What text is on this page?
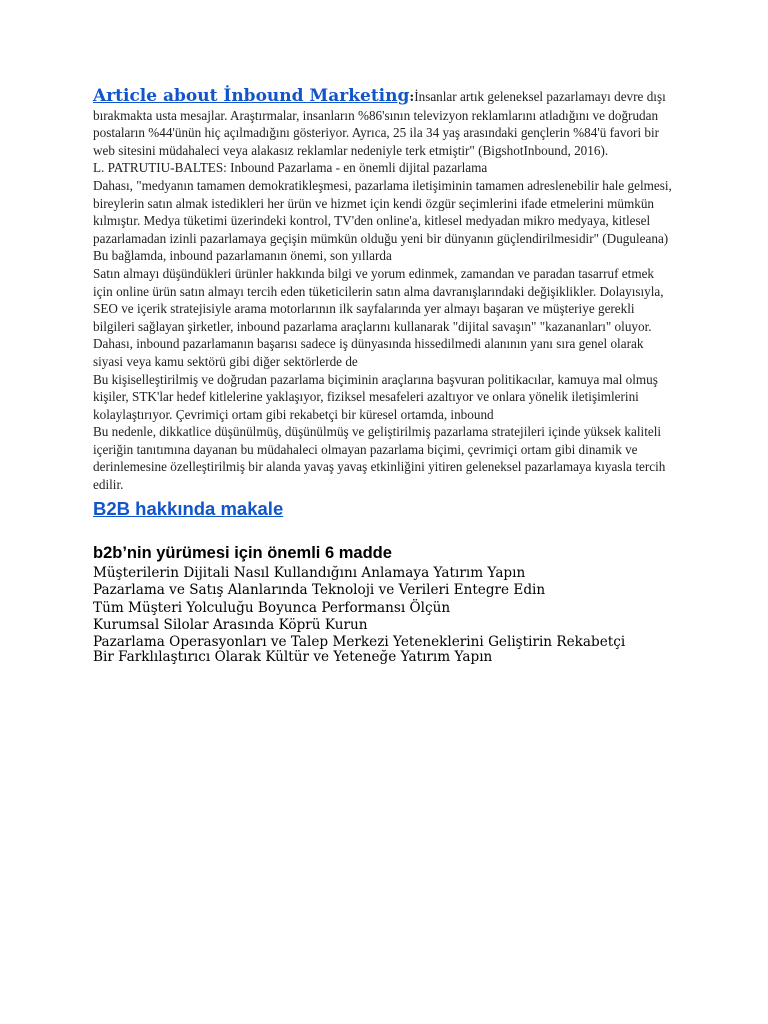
Article about İnbound Marketing:İnsanlar artık geleneksel pazarlamayı devre dışı bırakmakta usta mesajlar. Araştırmalar, insanların %86'sının televizyon reklamlarını atladığını ve doğrudan postaların %44'ünün hiç açılmadığını gösteriyor. Ayrıca, 25 ila 34 yaş arasındaki gençlerin %84'ü favori bir web sitesini müdahaleci veya alakasız reklamlar nedeniyle terk etmiştir" (BigshotInbound, 2016).

L. PATRUTIU-BALTES: Inbound Pazarlama - en önemli dijital pazarlama

Dahası, "medyanın tamamen demokratikleşmesi, pazarlama iletişiminin tamamen adreslenebilir hale gelmesi, bireylerin satın almak istedikleri her ürün ve hizmet için kendi özgür seçimlerini ifade etmelerini mümkün kılmıştır. Medya tüketimi üzerindeki kontrol, TV'den online'a, kitlesel medyadan mikro medyaya, kitlesel pazarlamadan izinli pazarlamaya geçişin mümkün olduğu yeni bir dünyanın güçlendirilmesidir" (Duguleana) Bu bağlamda, inbound pazarlamanın önemi, son yıllarda

Satın almayı düşündükleri ürünler hakkında bilgi ve yorum edinmek, zamandan ve paradan tasarruf etmek için online ürün satın almayı tercih eden tüketicilerin satın alma davranışlarındaki değişiklikler. Dolayısıyla, SEO ve içerik stratejisiyle arama motorlarının ilk sayfalarında yer almayı başaran ve müşteriye gerekli bilgileri sağlayan şirketler, inbound pazarlama araçlarını kullanarak "dijital savaşın" "kazananları" oluyor. Dahası, inbound pazarlamanın başarısı sadece iş dünyasında hissedilmedi alanının yanı sıra genel olarak siyasi veya kamu sektörü gibi diğer sektörlerde de

Bu kişiselleştirilmiş ve doğrudan pazarlama biçiminin araçlarına başvuran politikacılar, kamuya mal olmuş kişiler, STK'lar hedef kitlelerine yaklaşıyor, fiziksel mesafeleri azaltıyor ve onlara yönelik iletişimlerini kolaylaştırıyor. Çevrimiçi ortam gibi rekabetçi bir küresel ortamda, inbound

Bu nedenle, dikkatlice düşünülmüş, düşünülmüş ve geliştirilmiş pazarlama stratejileri içinde yüksek kaliteli içeriğin tanıtımına dayanan bu müdahaleci olmayan pazarlama biçimi, çevrimiçi ortam gibi dinamik ve derinlemesine özelleştirilmiş bir alanda yavaş yavaş etkinliğini yitiren geleneksel pazarlamaya kıyasla tercih edilir.

B2B hakkında makale
b2b’nin yürümesi için önemli 6 madde
Müşterilerin Dijitali Nasıl Kullandığını Anlamaya Yatırım Yapın
Pazarlama ve Satış Alanlarında Teknoloji ve Verileri Entegre Edin
Tüm Müşteri Yolculuğu Boyunca Performansı Ölçün
Kurumsal Silolar Arasında Köprü Kurun
Pazarlama Operasyonları ve Talep Merkezi Yeteneklerini Geliştirin Rekabetçi
Bir Farklılaştırıcı Olarak Kültür ve Yeteneğe Yatırım Yapın
